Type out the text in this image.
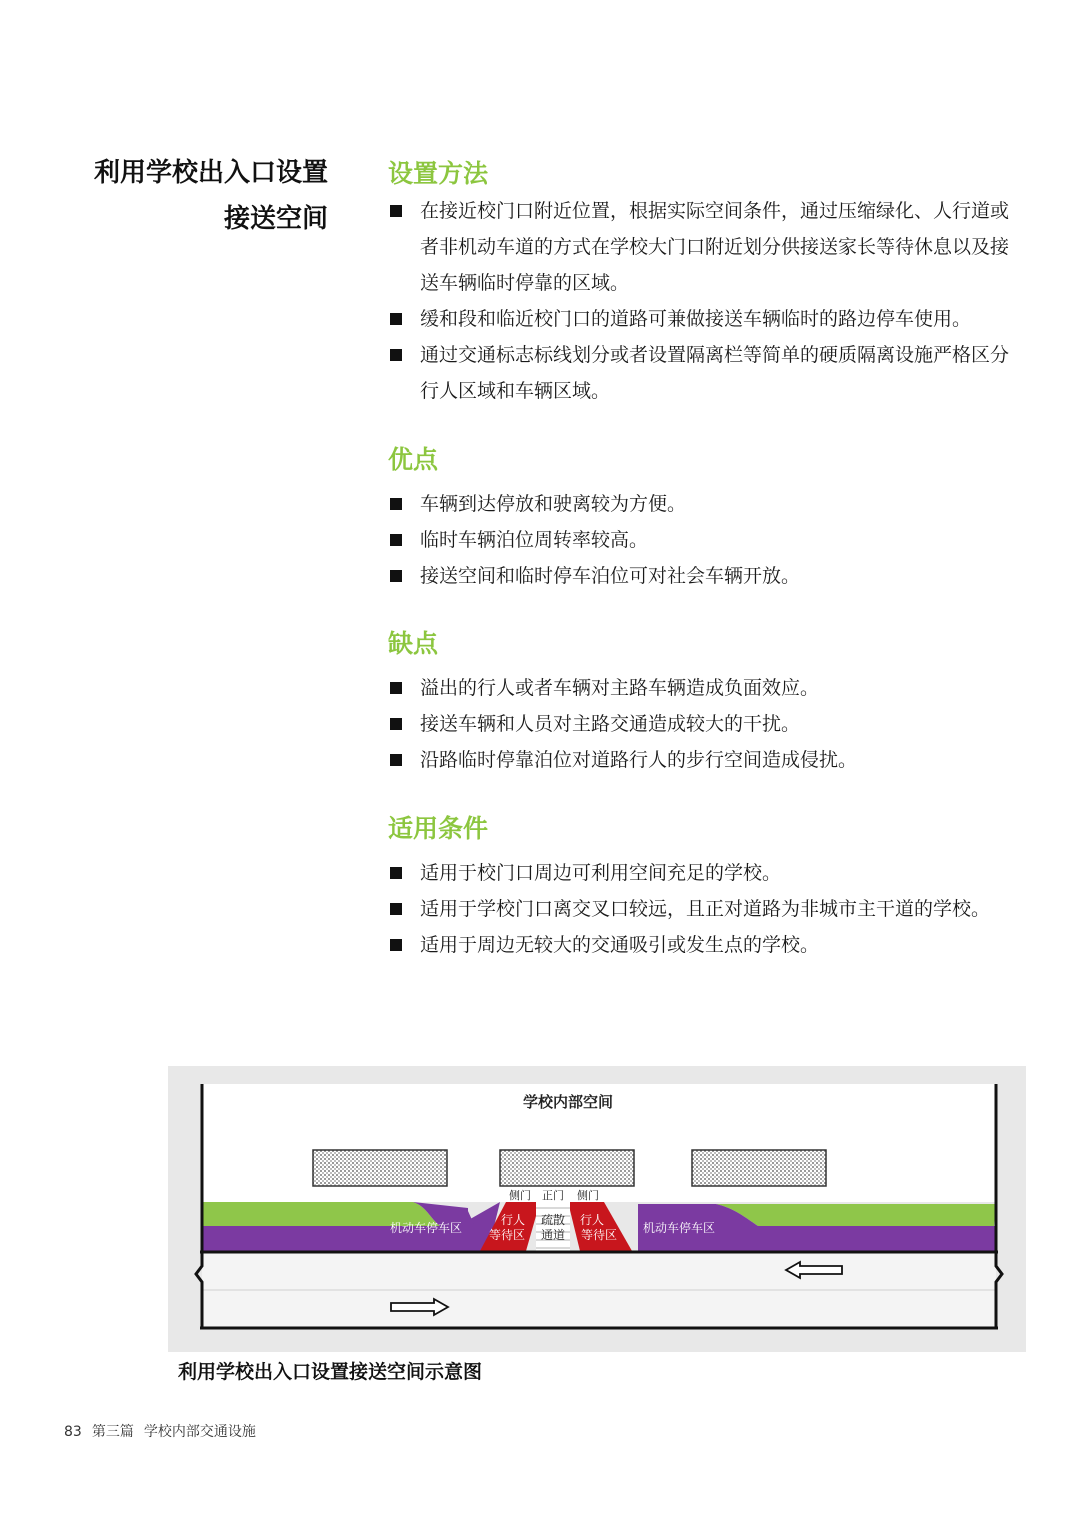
利用学校出入口设置
接送空间
设置方法
在接近校门口附近位置，根据实际空间条件，通过压缩绿化、人行道或者非机动车道的方式在学校大门口附近划分供接送家长等待休息以及接送车辆临时停靠的区域。
缓和段和临近校门口的道路可兼做接送车辆临时的路边停车使用。
通过交通标志标线划分或者设置隔离栏等简单的硬质隔离设施严格区分行人区域和车辆区域。
优点
车辆到达停放和驶离较为方便。
临时车辆泊位周转率较高。
接送空间和临时停车泊位可对社会车辆开放。
缺点
溢出的行人或者车辆对主路车辆造成负面效应。
接送车辆和人员对主路交通造成较大的干扰。
沿路临时停靠泊位对道路行人的步行空间造成侵扰。
适用条件
适用于校门口周边可利用空间充足的学校。
适用于学校门口离交叉口较远，且正对道路为非城市主干道的学校。
适用于周边无较大的交通吸引或发生点的学校。
学校内部空间
侧门 正门 侧门
机动车停车区	机动车停车区
行人
等待区
疏散
通道
行人
等待区
利用学校出入口设置接送空间示意图
83 第三篇 学校内部交通设施
